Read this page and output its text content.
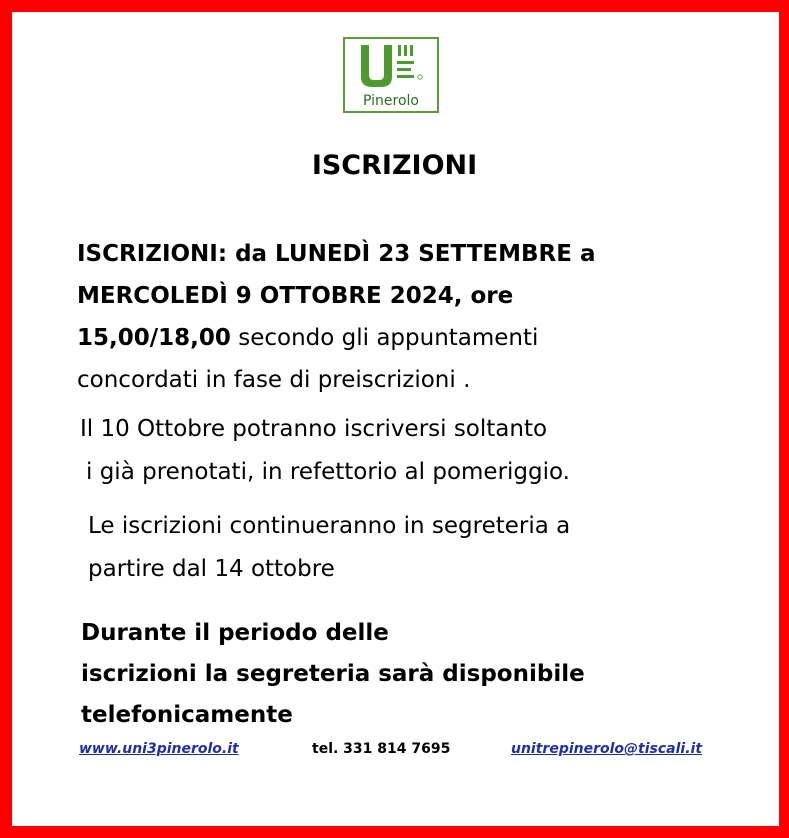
Pinerolo
ISCRIZIONI
ISCRIZIONI: da LUNEDÌ 23 SETTEMBRE a
MERCOLEDÌ 9 OTTOBRE 2024, ore
15,00/18,00 secondo gli appuntamenti
concordati in fase di preiscrizioni .
Il 10 Ottobre potranno iscriversi soltanto
i già prenotati, in refettorio al pomeriggio.
Le iscrizioni continueranno in segreteria a
partire dal 14 ottobre
Durante il periodo delle
iscrizioni la segreteria sarà disponibile
telefonicamente
www.uni3pinerolo.it	tel. 331 814 7695	unitrepinerolo@tiscali.it
